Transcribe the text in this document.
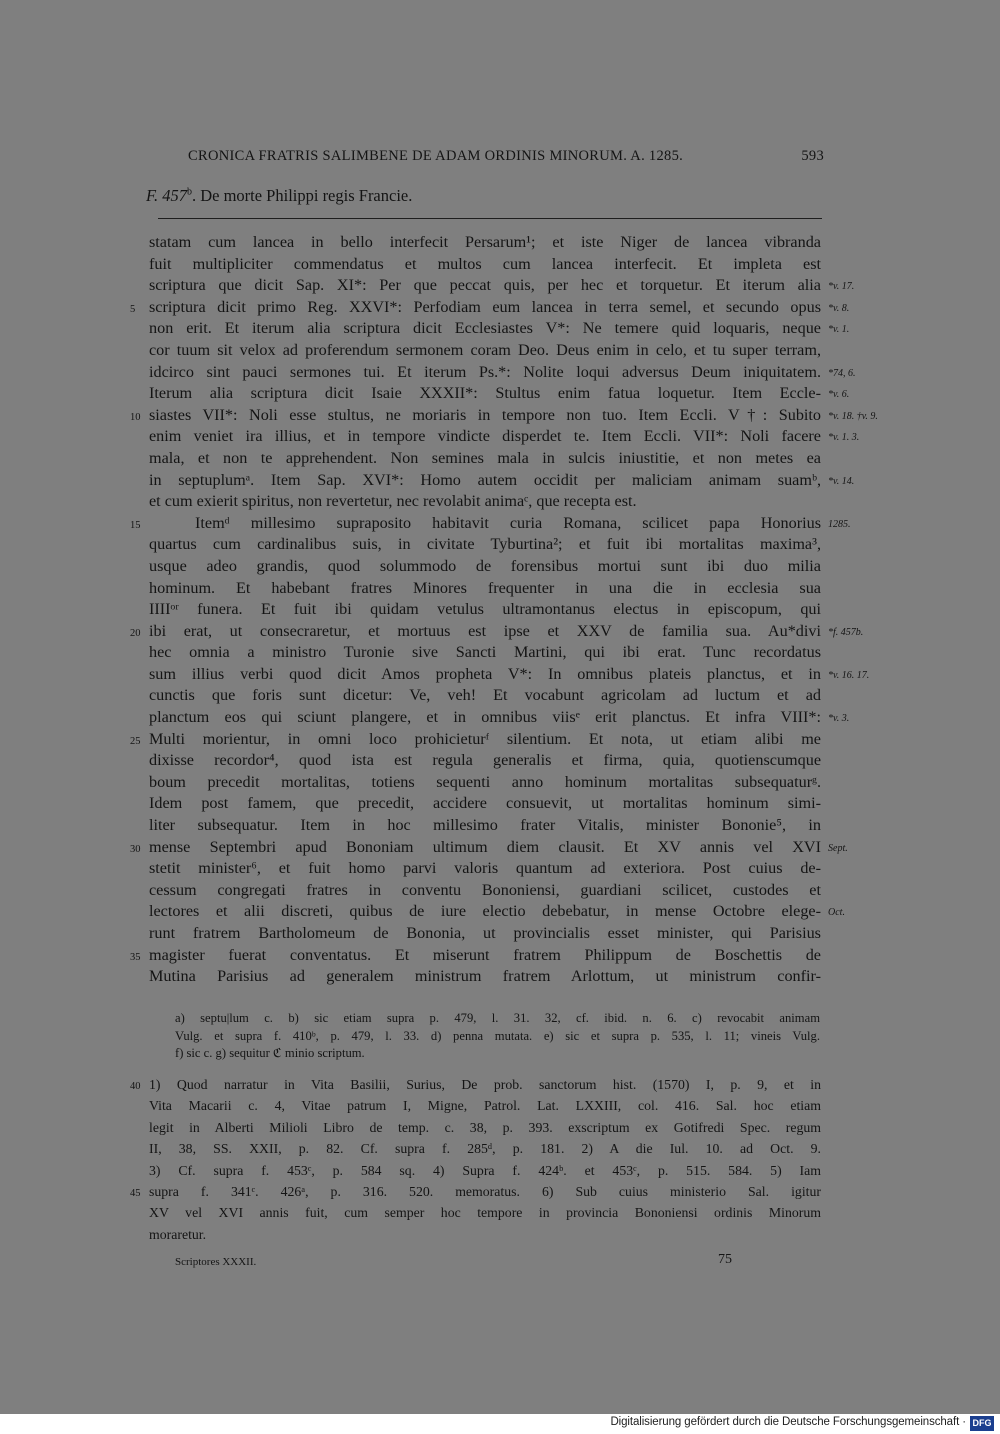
CRONICA FRATRIS SALIMBENE DE ADAM ORDINIS MINORUM. A. 1285.	593
F. 457$^b$. De morte Philippi regis Francie.
statam cum lancea in bello interfecit Persarum¹; et iste Niger de lancea vibranda
fuit multipliciter commendatus et multos cum lancea interfecit. Et impleta est
scriptura que dicit Sap. XI*: Per que peccat quis, per hec et torquetur. Et iterum alia *v. 17.
scriptura dicit primo Reg. XXVI*: Perfodiam eum lancea in terra semel, et secundo opus
5	*v. 8.
non erit. Et iterum alia scriptura dicit Ecclesiastes V*: Ne temere quid loquaris, neque *v. 1.
cor tuum sit velox ad proferendum sermonem coram Deo. Deus enim in celo, et tu super terram,
idcirco sint pauci sermones tui. Et iterum Ps.*: Nolite loqui adversus Deum iniquitatem. *74, 6.
Iterum alia scriptura dicit Isaie XXXII*: Stultus enim fatua loquetur. Item Eccle- *v. 6.
siastes VII*: Noli esse stultus, ne moriaris in tempore non tuo. Item Eccli. V†: Subito
10	*v. 18. †v. 9.
enim veniet ira illius, et in tempore vindicte disperdet te. Item Eccli. VII*: Noli facere *v. 1. 3.
mala, et non te apprehendent. Non semines mala in sulcis iniustitie, et non metes ea
in septuplumᵃ. Item Sap. XVI*: Homo autem occidit per maliciam animam suamᵇ, *v. 14.
et cum exierit spiritus, non revertetur, nec revolabit animaᶜ, que recepta est.
Itemᵈ millesimo supraposito habitavit curia Romana, scilicet papa Honorius
15	1285.
quartus cum cardinalibus suis, in civitate Tyburtina²; et fuit ibi mortalitas maxima³,
usque adeo grandis, quod solummodo de forensibus mortui sunt ibi duo milia
hominum. Et habebant fratres Minores frequenter in una die in ecclesia sua
IIIIᵒʳ funera. Et fuit ibi quidam vetulus ultramontanus electus in episcopum, qui
ibi erat, ut consecraretur, et mortuus est ipse et XXV de familia sua. Au*divi
20	*f. 457b.
hec omnia a ministro Turonie sive Sancti Martini, qui ibi erat. Tunc recordatus
sum illius verbi quod dicit Amos propheta V*: In omnibus plateis planctus, et in *v. 16. 17.
cunctis que foris sunt dicetur: Ve, veh! Et vocabunt agricolam ad luctum et ad
planctum eos qui sciunt plangere, et in omnibus viisᵉ erit planctus. Et infra VIII*: *v. 3.
Multi morientur, in omni loco prohicieturᶠ silentium. Et nota, ut etiam alibi me
25
dixisse recordor⁴, quod ista est regula generalis et firma, quia, quotienscumque
boum precedit mortalitas, totiens sequenti anno hominum mortalitas subsequaturᵍ.
Idem post famem, que precedit, accidere consuevit, ut mortalitas hominum simi-
liter subsequatur. Item in hoc millesimo frater Vitalis, minister Bononie⁵, in
mense Septembri apud Bononiam ultimum diem clausit. Et XV annis vel XVI
30	Sept.
stetit minister⁶, et fuit homo parvi valoris quantum ad exteriora. Post cuius de-
cessum congregati fratres in conventu Bononiensi, guardiani scilicet, custodes et
lectores et alii discreti, quibus de iure electio debebatur, in mense Octobre elege- Oct.
runt fratrem Bartholomeum de Bononia, ut provincialis esset minister, qui Parisius
magister fuerat conventatus. Et miserunt fratrem Philippum de Boschettis de
35
Mutina Parisius ad generalem ministrum fratrem Arlottum, ut ministrum confir-
a) septu|lum c. b) sic etiam supra p. 479, l. 31. 32, cf. ibid. n. 6. c) revocabit animam
Vulg. et supra f. 410ᵇ, p. 479, l. 33. d) penna mutata. e) sic et supra p. 535, l. 11; vineis Vulg.
f) sic c. g) sequitur ℭ minio scriptum.
1) Quod narratur in Vita Basilii, Surius, De prob. sanctorum hist. (1570) I, p. 9, et in
40
Vita Macarii c. 4, Vitae patrum I, Migne, Patrol. Lat. LXXIII, col. 416. Sal. hoc etiam
legit in Alberti Milioli Libro de temp. c. 38, p. 393. exscriptum ex Gotifredi Spec. regum
II, 38, SS. XXII, p. 82. Cf. supra f. 285ᵈ, p. 181. 2) A die Iul. 10. ad Oct. 9.
3) Cf. supra f. 453ᶜ, p. 584 sq. 4) Supra f. 424ᵇ. et 453ᶜ, p. 515. 584. 5) Iam
supra f. 341ᶜ. 426ᵃ, p. 316. 520. memoratus. 6) Sub cuius ministerio Sal. igitur
45
XV vel XVI annis fuit, cum semper hoc tempore in provincia Bononiensi ordinis Minorum
moraretur.
Scriptores XXXII.	75
Digitalisierung gefördert durch die Deutsche Forschungsgemeinschaft · DFG
